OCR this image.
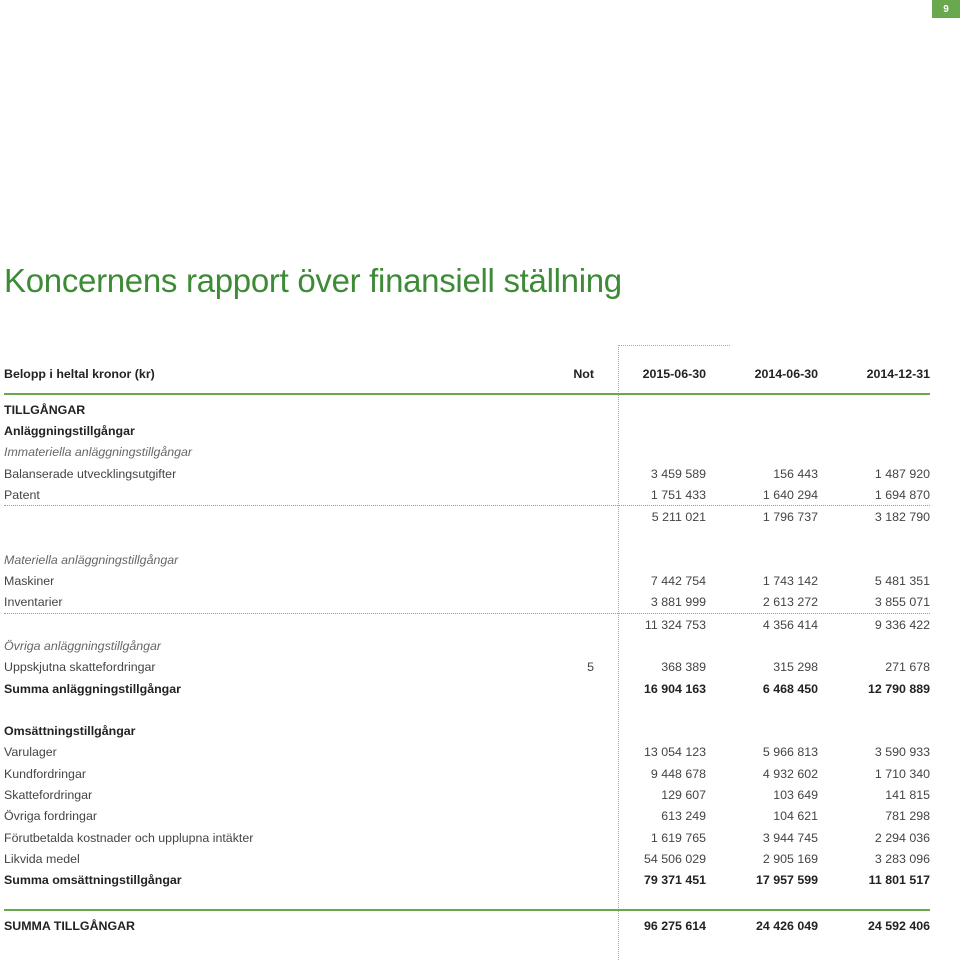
9
Koncernens rapport över finansiell ställning
Belopp i heltal kronor (kr)	Not	2015-06-30	2014-06-30	2014-12-31
TILLGÅNGAR
Anläggningstillgångar
Immateriella anläggningstillgångar
Balanserade utvecklingsutgifter	3 459 589	156 443	1 487 920
Patent	1 751 433	1 640 294	1 694 870
5 211 021	1 796 737	3 182 790
Materiella anläggningstillgångar
Maskiner	7 442 754	1 743 142	5 481 351
Inventarier	3 881 999	2 613 272	3 855 071
11 324 753	4 356 414	9 336 422
Övriga anläggningstillgångar
Uppskjutna skattefordringar	5	368 389	315 298	271 678
Summa anläggningstillgångar	16 904 163	6 468 450	12 790 889
Omsättningstillgångar
Varulager	13 054 123	5 966 813	3 590 933
Kundfordringar	9 448 678	4 932 602	1 710 340
Skattefordringar	129 607	103 649	141 815
Övriga fordringar	613 249	104 621	781 298
Förutbetalda kostnader och upplupna intäkter	1 619 765	3 944 745	2 294 036
Likvida medel	54 506 029	2 905 169	3 283 096
Summa omsättningstillgångar	79 371 451	17 957 599	11 801 517
SUMMA TILLGÅNGAR	96 275 614	24 426 049	24 592 406
